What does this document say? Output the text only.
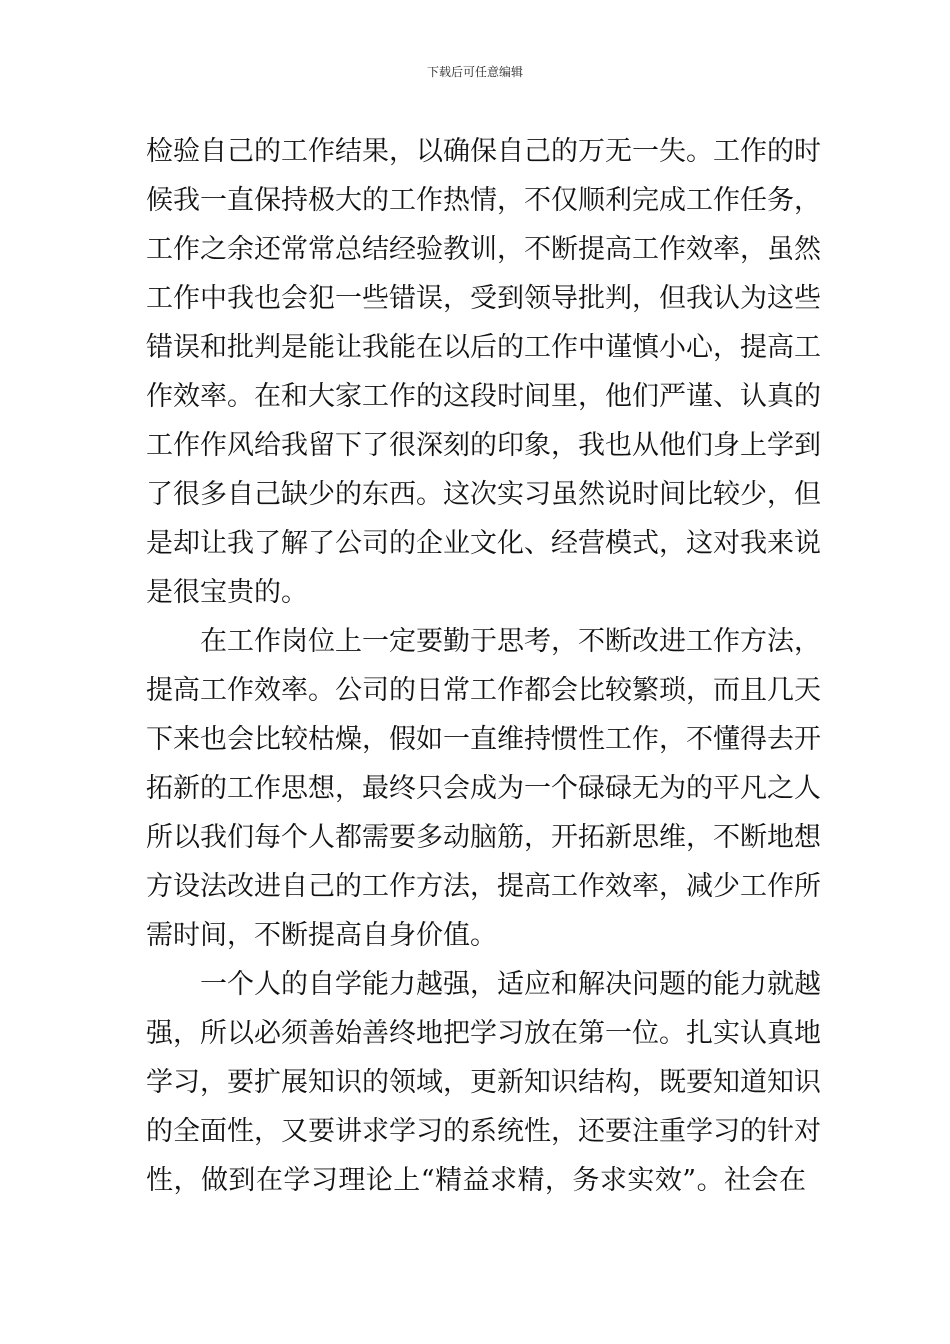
下载后可任意编辑
检验自己的工作结果，以确保自己的万无一失。工作的时
候我一直保持极大的工作热情，不仅顺利完成工作任务，
工作之余还常常总结经验教训，不断提高工作效率，虽然
工作中我也会犯一些错误，受到领导批判，但我认为这些
错误和批判是能让我能在以后的工作中谨慎小心，提高工
作效率。在和大家工作的这段时间里，他们严谨、认真的
工作作风给我留下了很深刻的印象，我也从他们身上学到
了很多自己缺少的东西。这次实习虽然说时间比较少，但
是却让我了解了公司的企业文化、经营模式，这对我来说
是很宝贵的。
在工作岗位上一定要勤于思考，不断改进工作方法，
提高工作效率。公司的日常工作都会比较繁琐，而且几天
下来也会比较枯燥，假如一直维持惯性工作，不懂得去开
拓新的工作思想，最终只会成为一个碌碌无为的平凡之人
所以我们每个人都需要多动脑筋，开拓新思维，不断地想
方设法改进自己的工作方法，提高工作效率，减少工作所
需时间，不断提高自身价值。
一个人的自学能力越强，适应和解决问题的能力就越
强，所以必须善始善终地把学习放在第一位。扎实认真地
学习，要扩展知识的领域，更新知识结构，既要知道知识
的全面性，又要讲求学习的系统性，还要注重学习的针对
性，做到在学习理论上“精益求精，务求实效”。社会在
